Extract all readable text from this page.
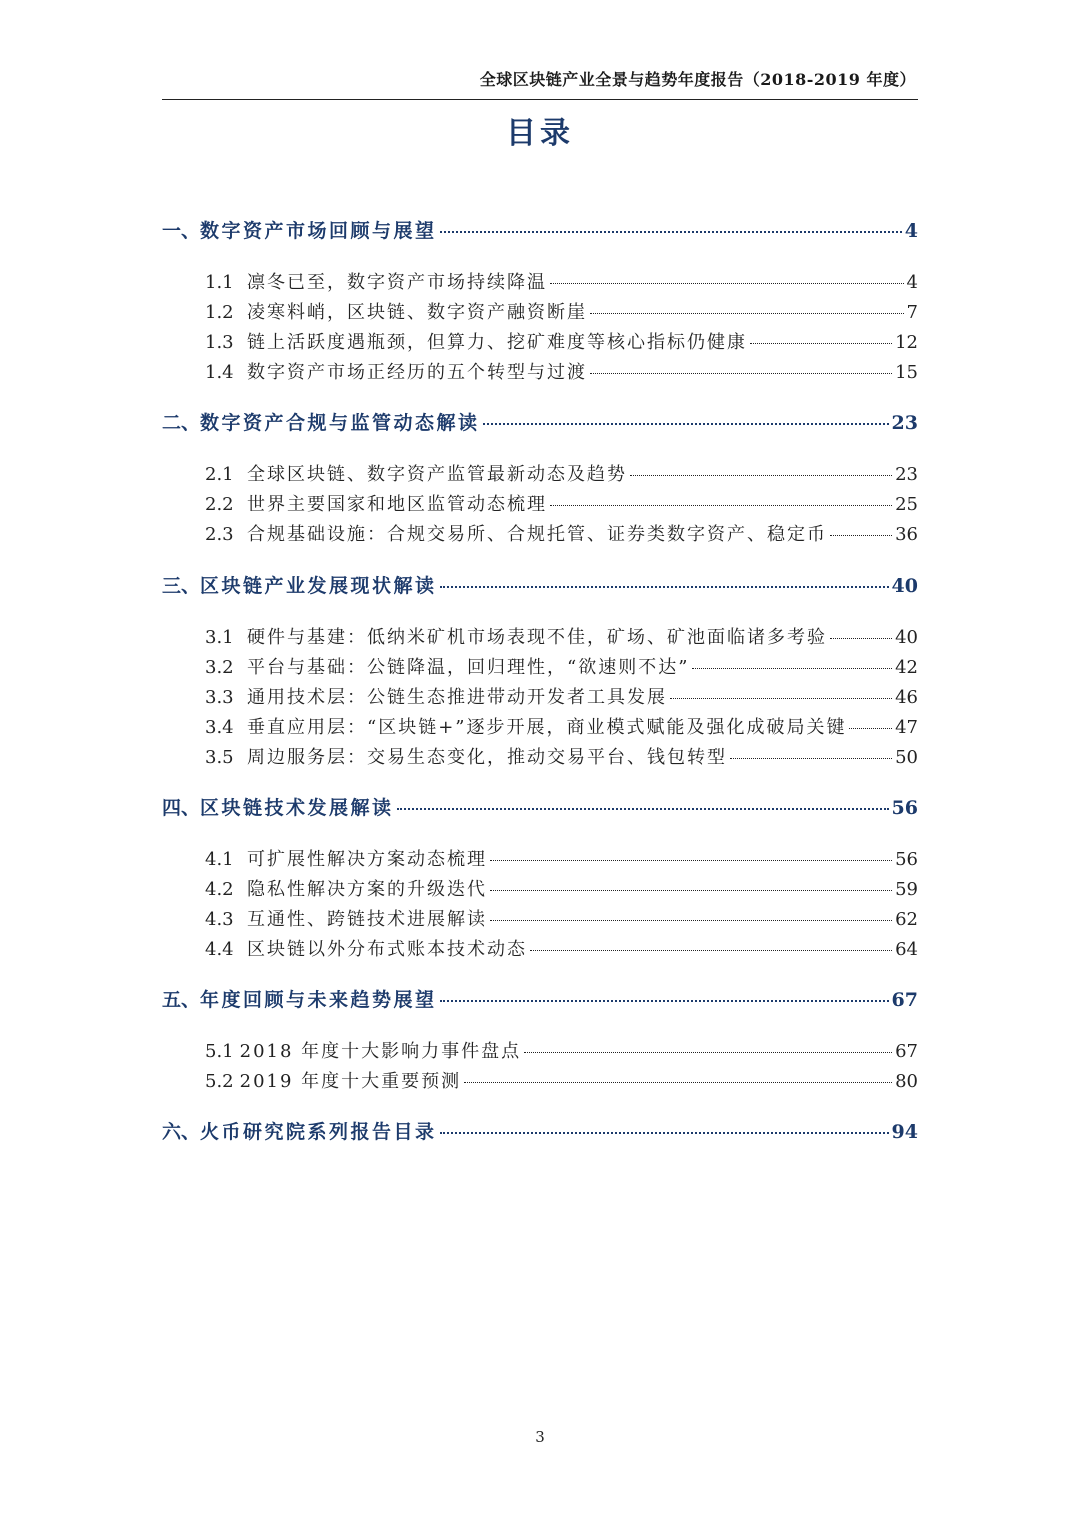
全球区块链产业全景与趋势年度报告（2018-2019 年度）
目录
一、 数字资产市场回顾与展望	4
1.1 凛冬已至，数字资产市场持续降温	4
1.2 凌寒料峭，区块链、数字资产融资断崖	7
1.3 链上活跃度遇瓶颈，但算力、挖矿难度等核心指标仍健康	12
1.4 数字资产市场正经历的五个转型与过渡	15
二、 数字资产合规与监管动态解读	23
2.1 全球区块链、数字资产监管最新动态及趋势	23
2.2 世界主要国家和地区监管动态梳理	25
2.3 合规基础设施：合规交易所、合规托管、证券类数字资产、稳定币	36
三、 区块链产业发展现状解读	40
3.1 硬件与基建：低纳米矿机市场表现不佳，矿场、矿池面临诸多考验	40
3.2 平台与基础：公链降温，回归理性，“欲速则不达”	42
3.3 通用技术层：公链生态推进带动开发者工具发展	46
3.4 垂直应用层：“区块链+”逐步开展，商业模式赋能及强化成破局关键	47
3.5 周边服务层：交易生态变化，推动交易平台、钱包转型	50
四、 区块链技术发展解读	56
4.1 可扩展性解决方案动态梳理	56
4.2 隐私性解决方案的升级迭代	59
4.3 互通性、跨链技术进展解读	62
4.4 区块链以外分布式账本技术动态	64
五、 年度回顾与未来趋势展望	67
5.1 2018 年度十大影响力事件盘点	67
5.2 2019 年度十大重要预测	80
六、 火币研究院系列报告目录	94
3
